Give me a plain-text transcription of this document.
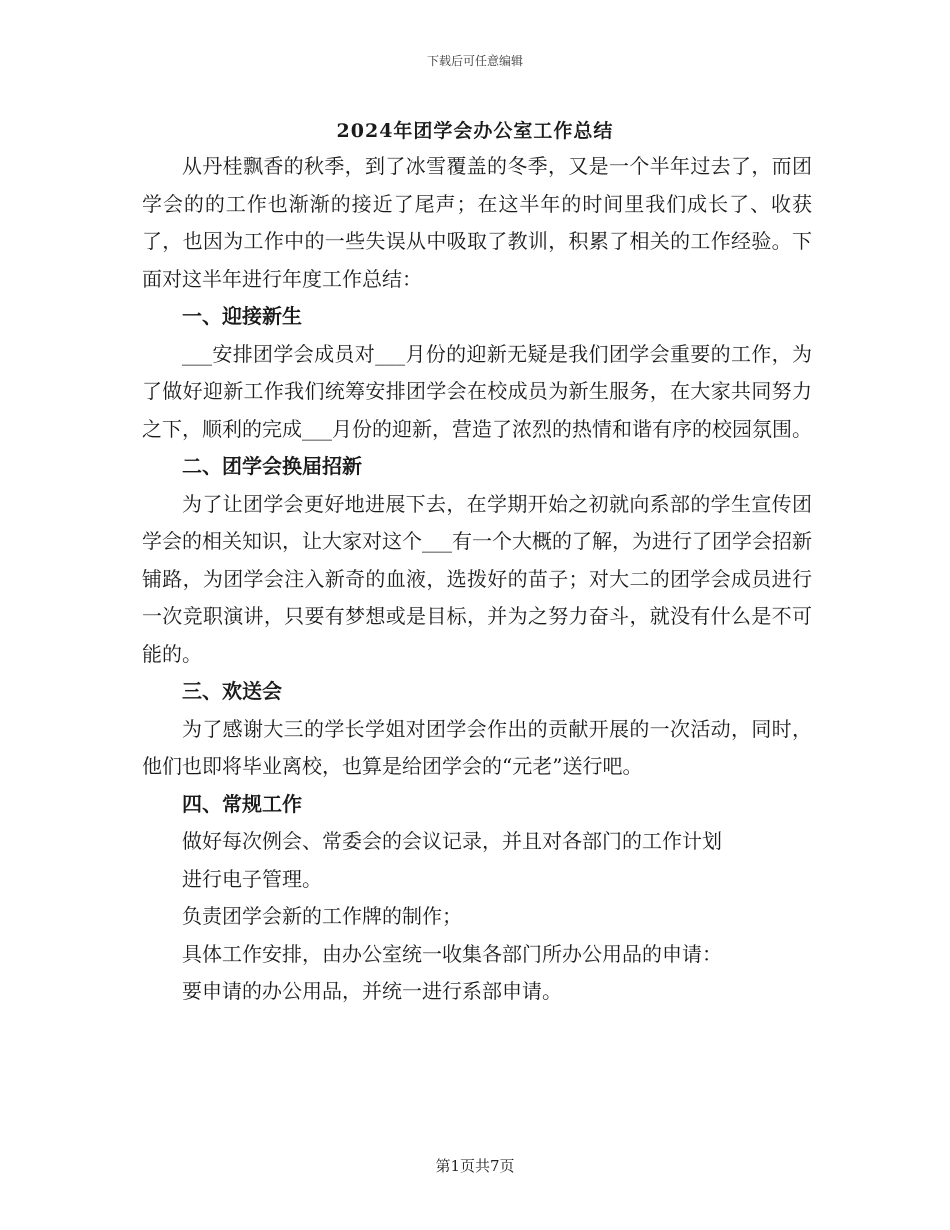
下载后可任意编辑
2024年团学会办公室工作总结

从丹桂飘香的秋季，到了冰雪覆盖的冬季，又是一个半年过去了，而团学会的的工作也渐渐的接近了尾声；在这半年的时间里我们成长了、收获了，也因为工作中的一些失误从中吸取了教训，积累了相关的工作经验。下面对这半年进行年度工作总结：

一、迎接新生

___安排团学会成员对___月份的迎新无疑是我们团学会重要的工作，为了做好迎新工作我们统筹安排团学会在校成员为新生服务，在大家共同努力之下，顺利的完成___月份的迎新，营造了浓烈的热情和谐有序的校园氛围。

二、团学会换届招新

为了让团学会更好地进展下去，在学期开始之初就向系部的学生宣传团学会的相关知识，让大家对这个___有一个大概的了解，为进行了团学会招新铺路，为团学会注入新奇的血液，选拨好的苗子；对大二的团学会成员进行一次竞职演讲，只要有梦想或是目标，并为之努力奋斗，就没有什么是不可能的。

三、欢送会

为了感谢大三的学长学姐对团学会作出的贡献开展的一次活动，同时，他们也即将毕业离校，也算是给团学会的“元老”送行吧。

四、常规工作

做好每次例会、常委会的会议记录，并且对各部门的工作计划

进行电子管理。

负责团学会新的工作牌的制作；

具体工作安排，由办公室统一收集各部门所办公用品的申请：

要申请的办公用品，并统一进行系部申请。

第1页共7页
